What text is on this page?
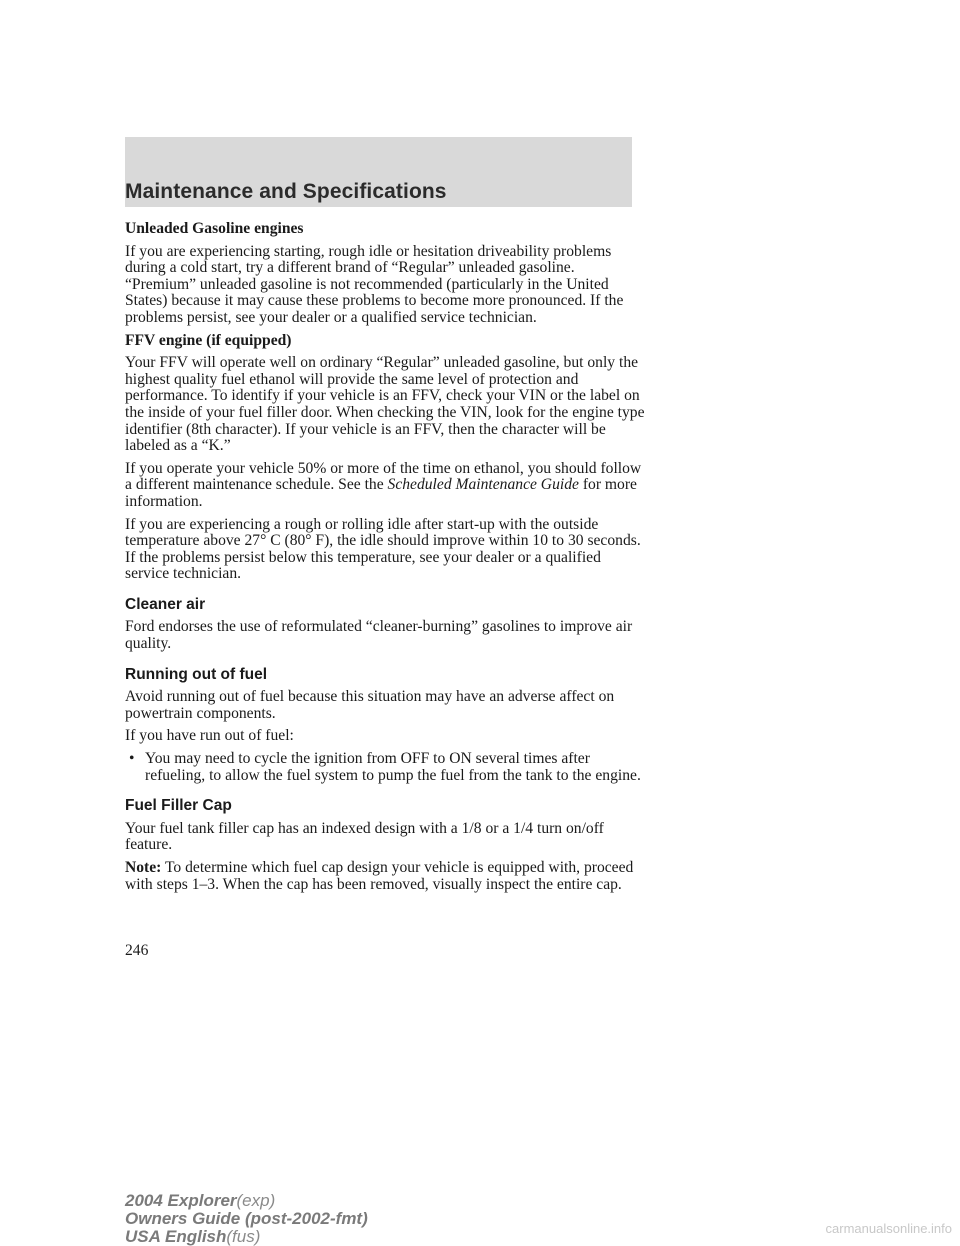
Maintenance and Specifications

Unleaded Gasoline engines

If you are experiencing starting, rough idle or hesitation driveability problems during a cold start, try a different brand of “Regular” unleaded gasoline. “Premium” unleaded gasoline is not recommended (particularly in the United States) because it may cause these problems to become more pronounced. If the problems persist, see your dealer or a qualified service technician.

FFV engine (if equipped)

Your FFV will operate well on ordinary “Regular” unleaded gasoline, but only the highest quality fuel ethanol will provide the same level of protection and performance. To identify if your vehicle is an FFV, check your VIN or the label on the inside of your fuel filler door. When checking the VIN, look for the engine type identifier (8th character). If your vehicle is an FFV, then the character will be labeled as a “K.”

If you operate your vehicle 50% or more of the time on ethanol, you should follow a different maintenance schedule. See the Scheduled Maintenance Guide for more information.

If you are experiencing a rough or rolling idle after start-up with the outside temperature above 27° C (80° F), the idle should improve within 10 to 30 seconds. If the problems persist below this temperature, see your dealer or a qualified service technician.

Cleaner air

Ford endorses the use of reformulated “cleaner-burning” gasolines to improve air quality.

Running out of fuel

Avoid running out of fuel because this situation may have an adverse affect on powertrain components.

If you have run out of fuel:

• You may need to cycle the ignition from OFF to ON several times after refueling, to allow the fuel system to pump the fuel from the tank to the engine.
Fuel Filler Cap

Your fuel tank filler cap has an indexed design with a 1/8 or a 1/4 turn on/off feature.

Note: To determine which fuel cap design your vehicle is equipped with, proceed with steps 1–3. When the cap has been removed, visually inspect the entire cap.

246
2004 Explorer(exp)
Owners Guide (post-2002-fmt)
USA English(fus)	carmanualsonline.info
